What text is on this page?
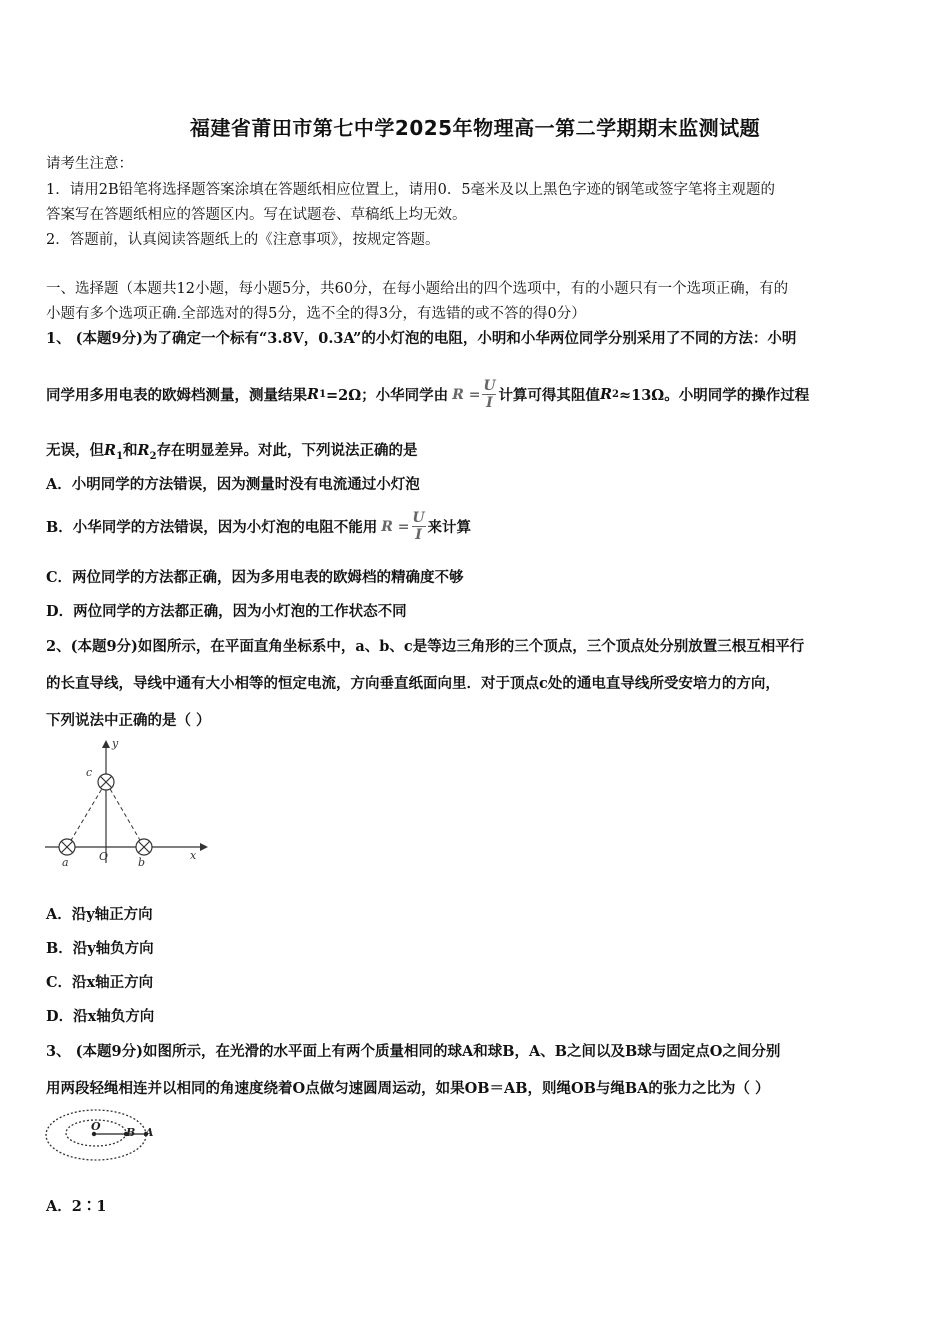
福建省莆田市第七中学2025年物理高一第二学期期末监测试题
请考生注意：
1．请用2B铅笔将选择题答案涂填在答题纸相应位置上，请用0．5毫米及以上黑色字迹的钢笔或签字笔将主观题的
答案写在答题纸相应的答题区内。写在试题卷、草稿纸上均无效。
2．答题前，认真阅读答题纸上的《注意事项》，按规定答题。
一、选择题（本题共12小题，每小题5分，共60分，在每小题给出的四个选项中，有的小题只有一个选项正确，有的
小题有多个选项正确.全部选对的得5分，选不全的得3分，有选错的或不答的得0分）
1、 (本题9分)为了确定一个标有“3.8V，0.3A”的小灯泡的电阻，小明和小华两位同学分别采用了不同的方法：小明
同学用多用电表的欧姆档测量，测量结果 R 1 =2Ω；小华同学由 $R = \frac{U}{I}$ 计算可得其阻值 R 2 ≈13Ω。小明同学的操作过程
无误，但$R_1$和$R_2$存在明显差异。对此，下列说法正确的是
A．小明同学的方法错误，因为测量时没有电流通过小灯泡
B．小华同学的方法错误，因为小灯泡的电阻不能用 $R = \frac{U}{I}$ 来计算
C．两位同学的方法都正确，因为多用电表的欧姆档的精确度不够
D．两位同学的方法都正确，因为小灯泡的工作状态不同
2、(本题9分)如图所示，在平面直角坐标系中，a、b、c是等边三角形的三个顶点，三个顶点处分别放置三根互相平行
的长直导线，导线中通有大小相等的恒定电流，方向垂直纸面向里．对于顶点c处的通电直导线所受安培力的方向，
下列说法中正确的是（ ）
y
x
c
a	b
O
A．沿y轴正方向
B．沿y轴负方向
C．沿x轴正方向
D．沿x轴负方向
3、 (本题9分)如图所示，在光滑的水平面上有两个质量相同的球A和球B，A、B之间以及B球与固定点O之间分别
用两段轻绳相连并以相同的角速度绕着O点做匀速圆周运动，如果OB＝AB，则绳OB与绳BA的张力之比为（ ）
O B A
A．2∶1
